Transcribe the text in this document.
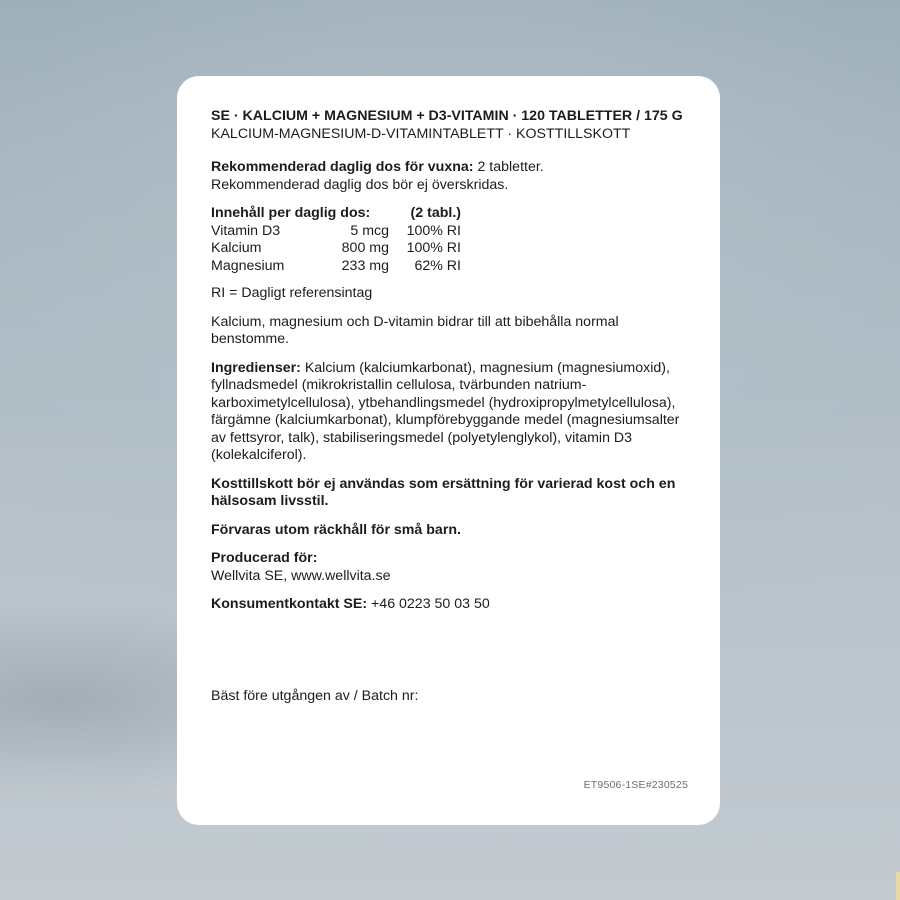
SE · KALCIUM + MAGNESIUM + D3-VITAMIN · 120 TABLETTER / 175 G

KALCIUM-MAGNESIUM-D-VITAMINTABLETT · KOSTTILLSKOTT

Rekommenderad daglig dos för vuxna: 2 tabletter.

Rekommenderad daglig dos bör ej överskridas.

Innehåll per daglig dos:		(2 tabl.)
Vitamin D3	5 mcg	100% RI
Kalcium	800 mg	100% RI
Magnesium	233 mg	62% RI

RI = Dagligt referensintag

Kalcium, magnesium och D-vitamin bidrar till att bibehålla normal benstomme.

Ingredienser: Kalcium (kalciumkarbonat), magnesium (magnesiumoxid), fyllnadsmedel (mikrokristallin cellulosa, tvärbunden natriumkarboximetylcellulosa), ytbehandlingsmedel (hydroxipropylmetylcellulosa), färgämne (kalciumkarbonat), klumpförebyggande medel (magnesiumsalter av fettsyror, talk), stabiliseringsmedel (polyetylenglykol), vitamin D3 (kolekalciferol).

Kosttillskott bör ej användas som ersättning för varierad kost och en hälsosam livsstil.

Förvaras utom räckhåll för små barn.

Producerad för:

Wellvita SE, www.wellvita.se

Konsumentkontakt SE: +46 0223 50 03 50

Bäst före utgången av / Batch nr:

ET9506-1SE#230525
